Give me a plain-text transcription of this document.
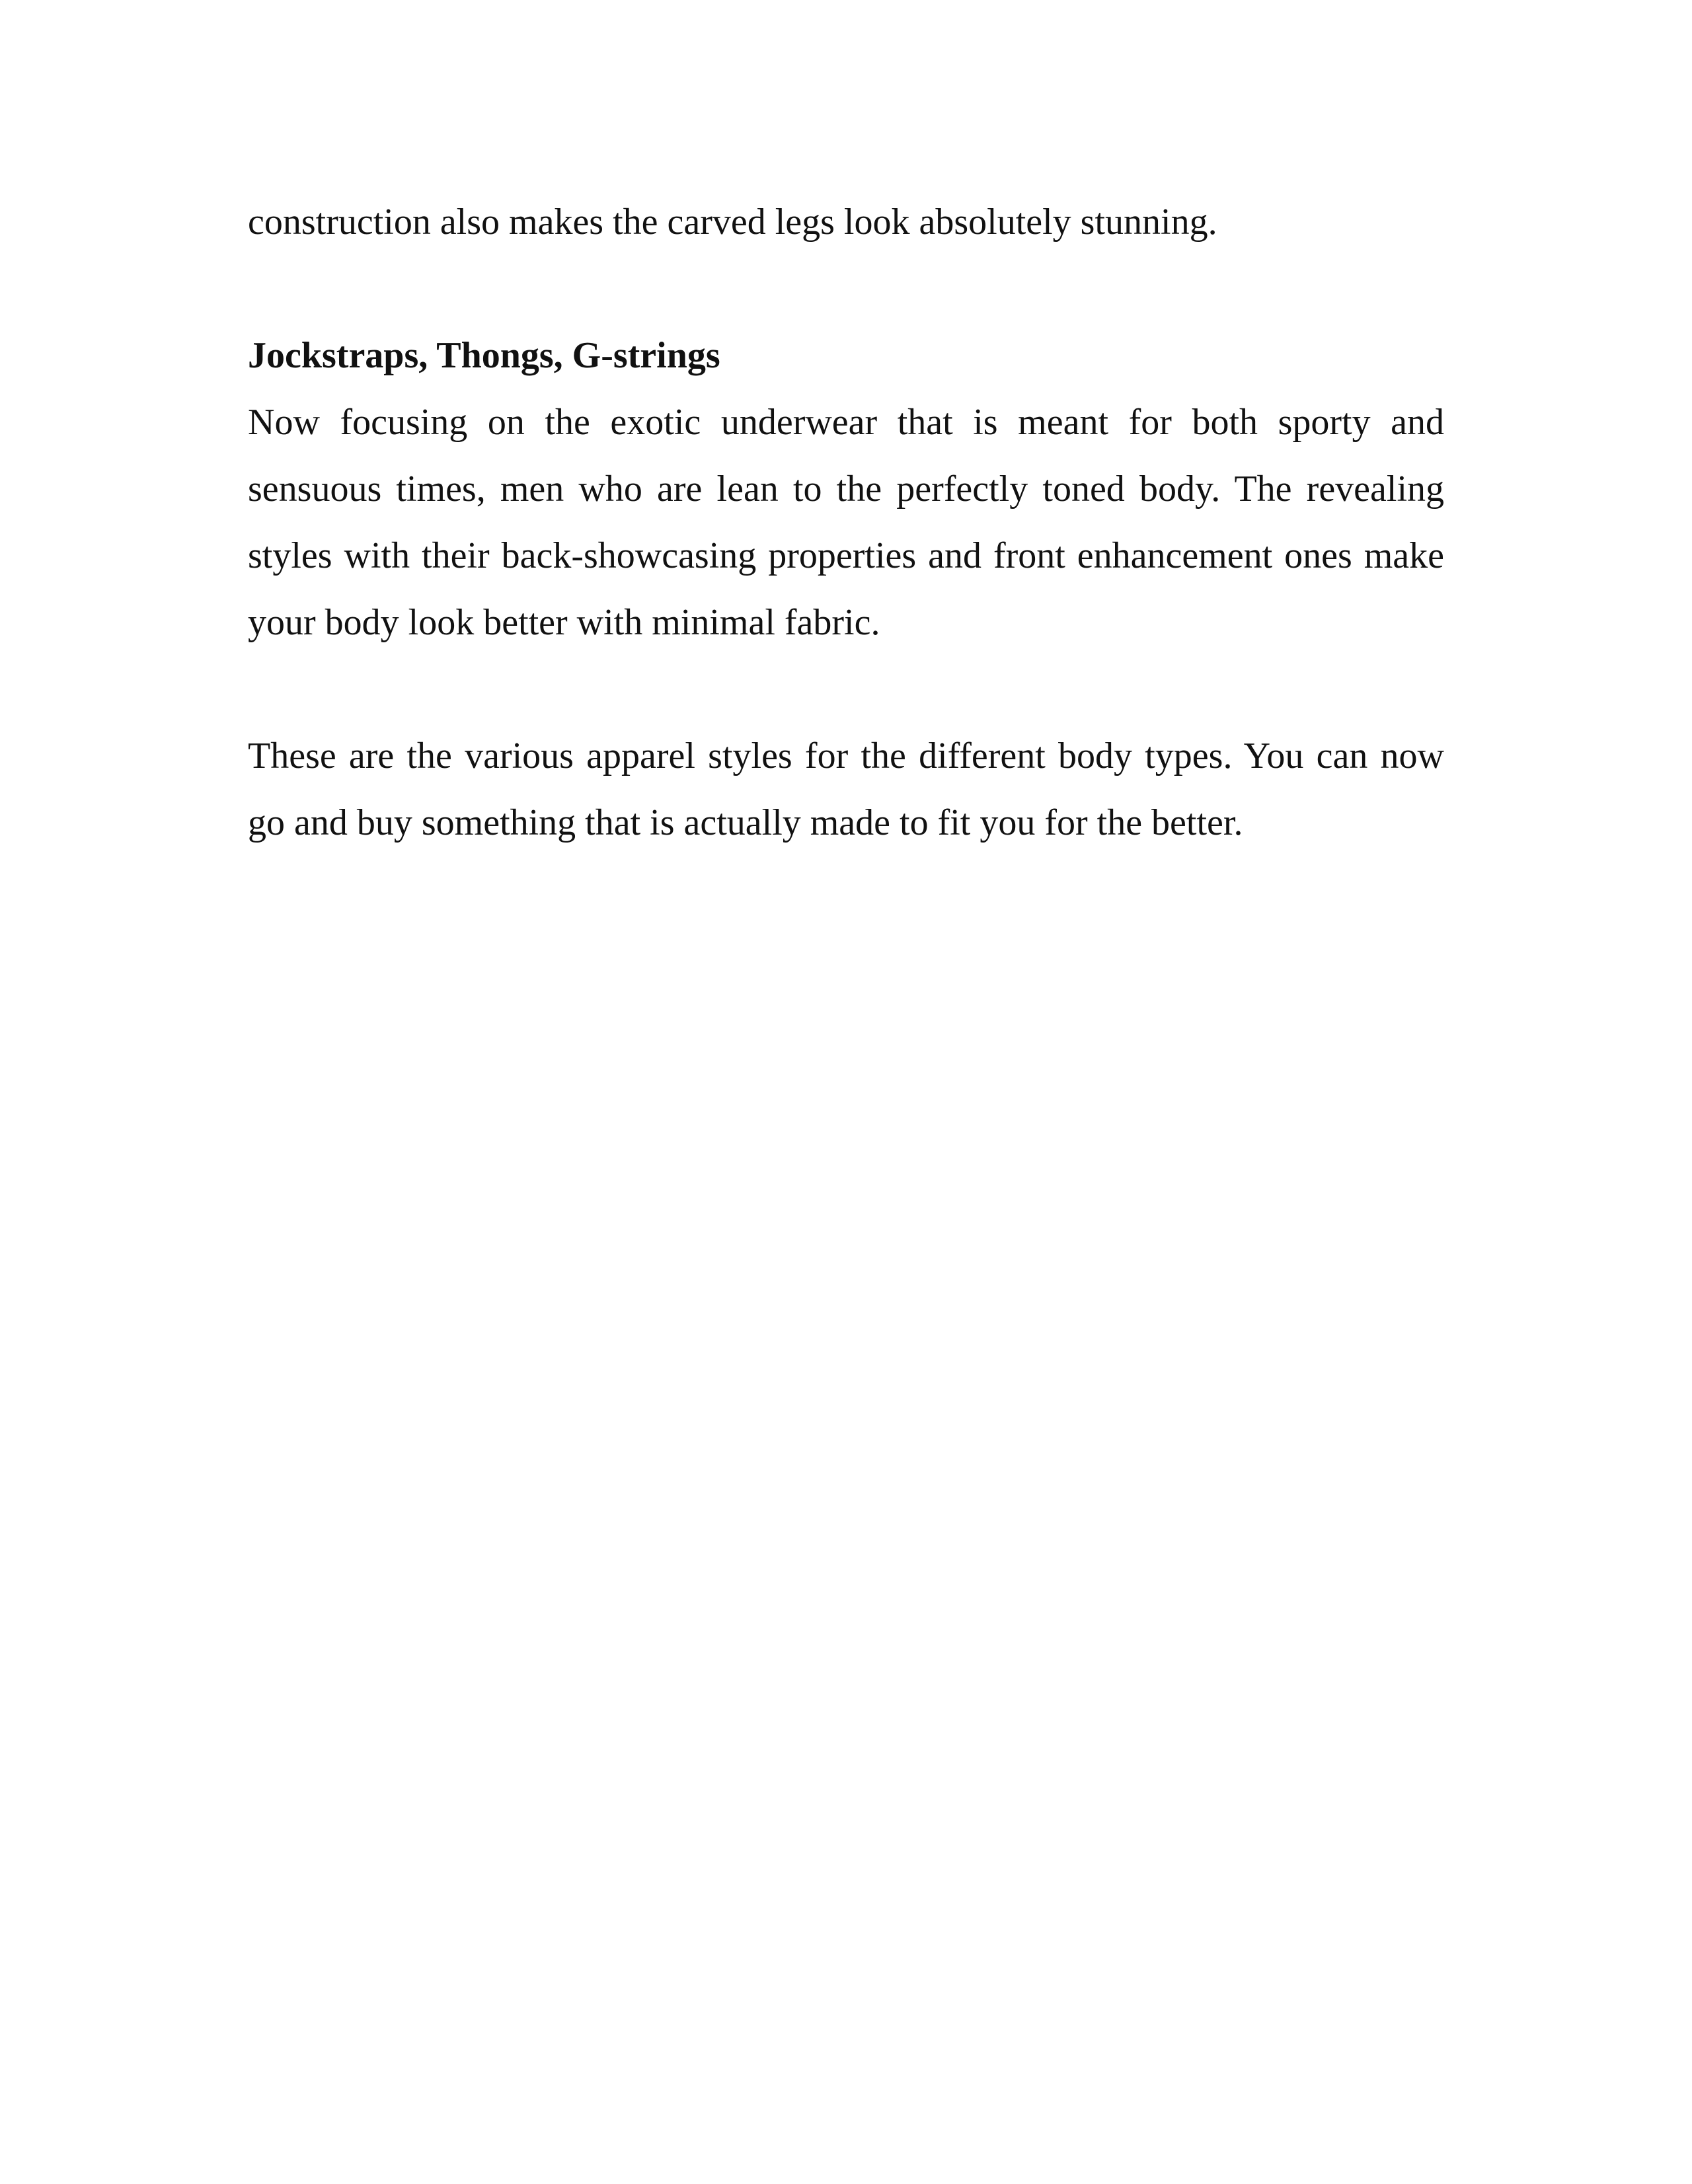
construction also makes the carved legs look absolutely stunning.

Jockstraps, Thongs, G-strings

Now focusing on the exotic underwear that is meant for both sporty and sensuous times, men who are lean to the perfectly toned body. The revealing styles with their back-showcasing properties and front enhancement ones make your body look better with minimal fabric.

These are the various apparel styles for the different body types. You can now go and buy something that is actually made to fit you for the better.
